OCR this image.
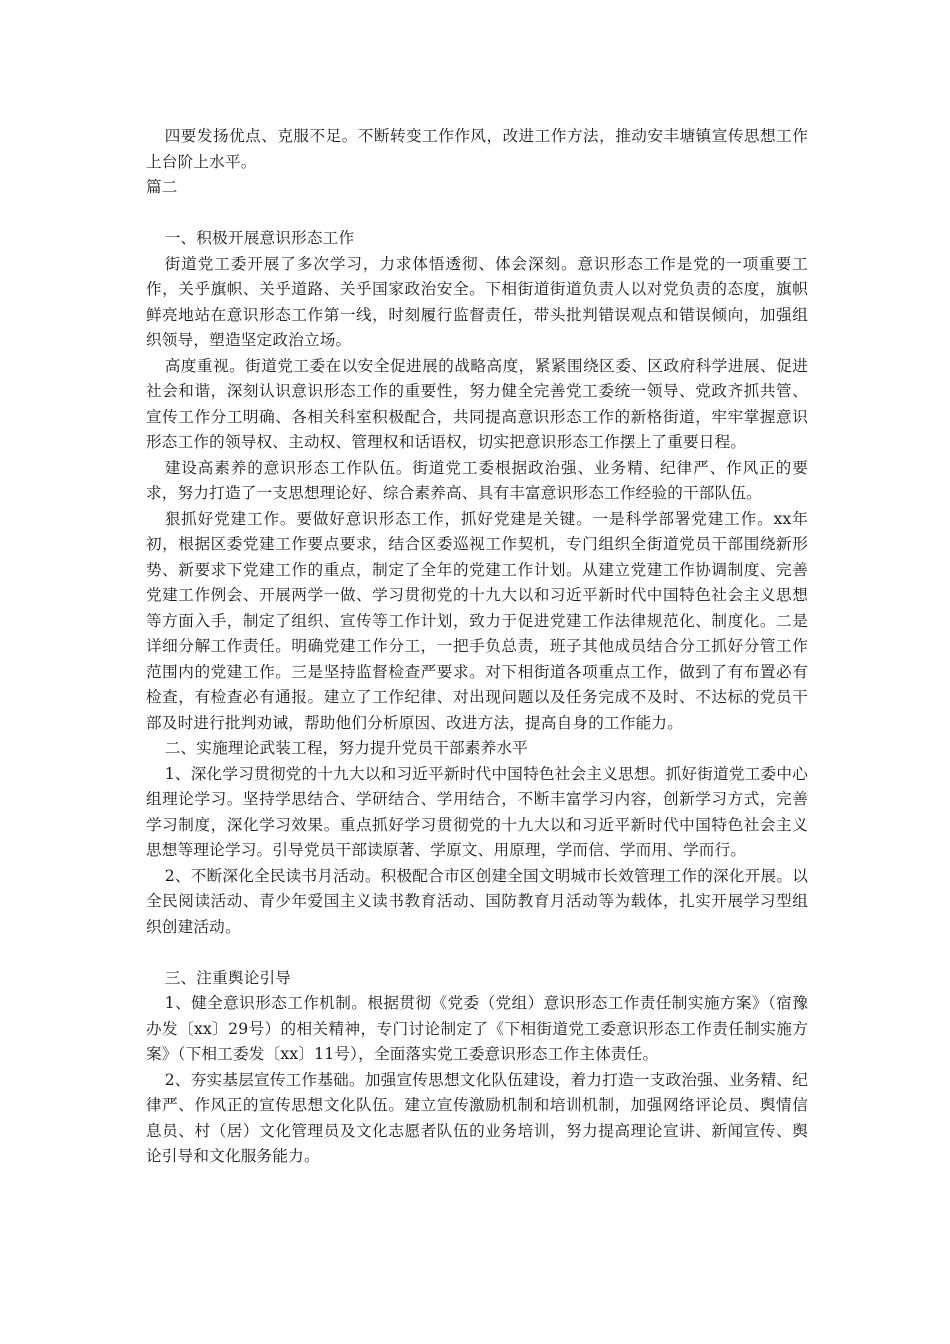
四要发扬优点、克服不足。不断转变工作作风，改进工作方法，推动安丰塘镇宣传思想工作上台阶上水平。

篇二

一、积极开展意识形态工作

街道党工委开展了多次学习，力求体悟透彻、体会深刻。意识形态工作是党的一项重要工作，关乎旗帜、关乎道路、关乎国家政治安全。下相街道街道负责人以对党负责的态度，旗帜鲜亮地站在意识形态工作第一线，时刻履行监督责任，带头批判错误观点和错误倾向，加强组织领导，塑造坚定政治立场。

高度重视。街道党工委在以安全促进展的战略高度，紧紧围绕区委、区政府科学进展、促进社会和谐，深刻认识意识形态工作的重要性，努力健全完善党工委统一领导、党政齐抓共管、宣传工作分工明确、各相关科室积极配合，共同提高意识形态工作的新格街道，牢牢掌握意识形态工作的领导权、主动权、管理权和话语权，切实把意识形态工作摆上了重要日程。

建设高素养的意识形态工作队伍。街道党工委根据政治强、业务精、纪律严、作风正的要求，努力打造了一支思想理论好、综合素养高、具有丰富意识形态工作经验的干部队伍。

狠抓好党建工作。要做好意识形态工作，抓好党建是关键。一是科学部署党建工作。xx年初，根据区委党建工作要点要求，结合区委巡视工作契机，专门组织全街道党员干部围绕新形势、新要求下党建工作的重点，制定了全年的党建工作计划。从建立党建工作协调制度、完善党建工作例会、开展两学一做、学习贯彻党的十九大以和习近平新时代中国特色社会主义思想等方面入手，制定了组织、宣传等工作计划，致力于促进党建工作法律规范化、制度化。二是详细分解工作责任。明确党建工作分工，一把手负总责，班子其他成员结合分工抓好分管工作范围内的党建工作。三是坚持监督检查严要求。对下相街道各项重点工作，做到了有布置必有检查，有检查必有通报。建立了工作纪律、对出现问题以及任务完成不及时、不达标的党员干部及时进行批判劝诫，帮助他们分析原因、改进方法，提高自身的工作能力。

二、实施理论武装工程，努力提升党员干部素养水平

1、深化学习贯彻党的十九大以和习近平新时代中国特色社会主义思想。抓好街道党工委中心组理论学习。坚持学思结合、学研结合、学用结合，不断丰富学习内容，创新学习方式，完善学习制度，深化学习效果。重点抓好学习贯彻党的十九大以和习近平新时代中国特色社会主义思想等理论学习。引导党员干部读原著、学原文、用原理，学而信、学而用、学而行。

2、不断深化全民读书月活动。积极配合市区创建全国文明城市长效管理工作的深化开展。以全民阅读活动、青少年爱国主义读书教育活动、国防教育月活动等为载体，扎实开展学习型组织创建活动。

三、注重舆论引导

1、健全意识形态工作机制。根据贯彻《党委（党组）意识形态工作责任制实施方案》（宿豫办发〔xx〕29号）的相关精神，专门讨论制定了《下相街道党工委意识形态工作责任制实施方案》（下相工委发〔xx〕11号），全面落实党工委意识形态工作主体责任。

2、夯实基层宣传工作基础。加强宣传思想文化队伍建设，着力打造一支政治强、业务精、纪律严、作风正的宣传思想文化队伍。建立宣传激励机制和培训机制，加强网络评论员、舆情信息员、村（居）文化管理员及文化志愿者队伍的业务培训，努力提高理论宣讲、新闻宣传、舆论引导和文化服务能力。
